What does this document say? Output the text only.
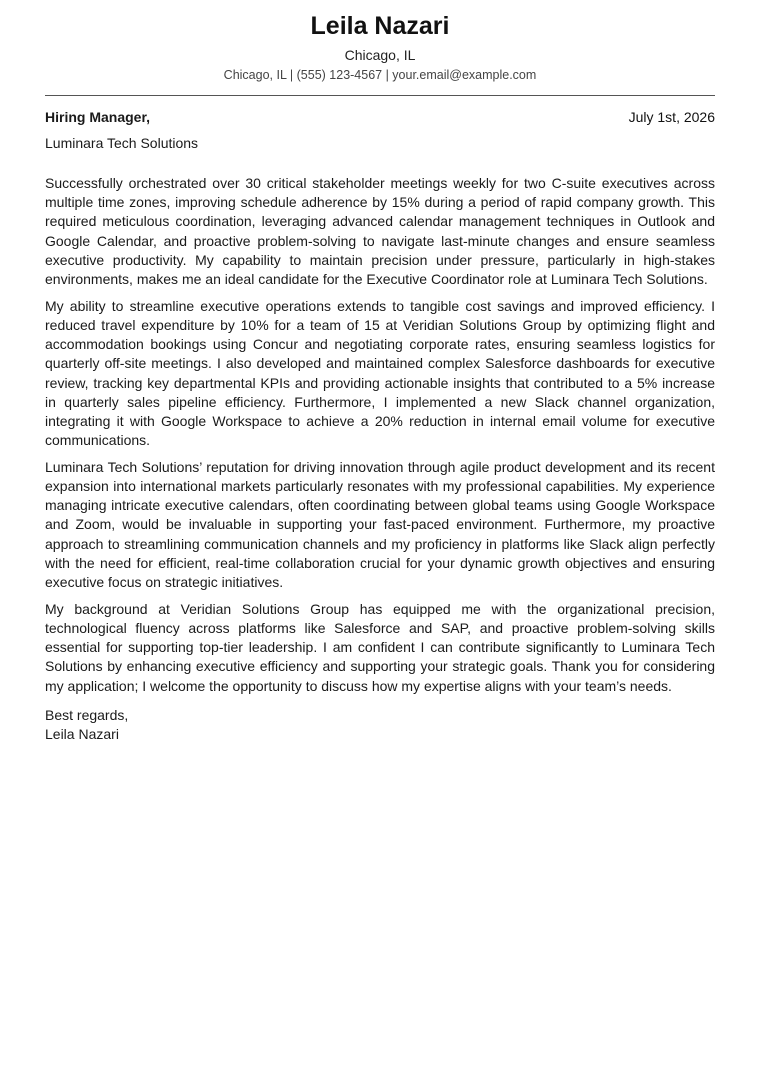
Leila Nazari
Chicago, IL
Chicago, IL | (555) 123-4567 | your.email@example.com
Hiring Manager,	July 1st, 2026
Luminara Tech Solutions

Successfully orchestrated over 30 critical stakeholder meetings weekly for two C-suite executives across multiple time zones, improving schedule adherence by 15% during a period of rapid company growth. This required meticulous coordination, leveraging advanced calendar management techniques in Outlook and Google Calendar, and proactive problem-solving to navigate last-minute changes and ensure seamless executive productivity. My capability to maintain precision under pressure, particularly in high-stakes environments, makes me an ideal candidate for the Executive Coordinator role at Luminara Tech Solutions.

My ability to streamline executive operations extends to tangible cost savings and improved efficiency. I reduced travel expenditure by 10% for a team of 15 at Veridian Solutions Group by optimizing flight and accommodation bookings using Concur and negotiating corporate rates, ensuring seamless logistics for quarterly off-site meetings. I also developed and maintained complex Salesforce dashboards for executive review, tracking key departmental KPIs and providing actionable insights that contributed to a 5% increase in quarterly sales pipeline efficiency. Furthermore, I implemented a new Slack channel organization, integrating it with Google Workspace to achieve a 20% reduction in internal email volume for executive communications.

Luminara Tech Solutions’ reputation for driving innovation through agile product development and its recent expansion into international markets particularly resonates with my professional capabilities. My experience managing intricate executive calendars, often coordinating between global teams using Google Workspace and Zoom, would be invaluable in supporting your fast-paced environment. Furthermore, my proactive approach to streamlining communication channels and my proficiency in platforms like Slack align perfectly with the need for efficient, real-time collaboration crucial for your dynamic growth objectives and ensuring executive focus on strategic initiatives.

My background at Veridian Solutions Group has equipped me with the organizational precision, technological fluency across platforms like Salesforce and SAP, and proactive problem-solving skills essential for supporting top-tier leadership. I am confident I can contribute significantly to Luminara Tech Solutions by enhancing executive efficiency and supporting your strategic goals. Thank you for considering my application; I welcome the opportunity to discuss how my expertise aligns with your team’s needs.

Best regards,
Leila Nazari
